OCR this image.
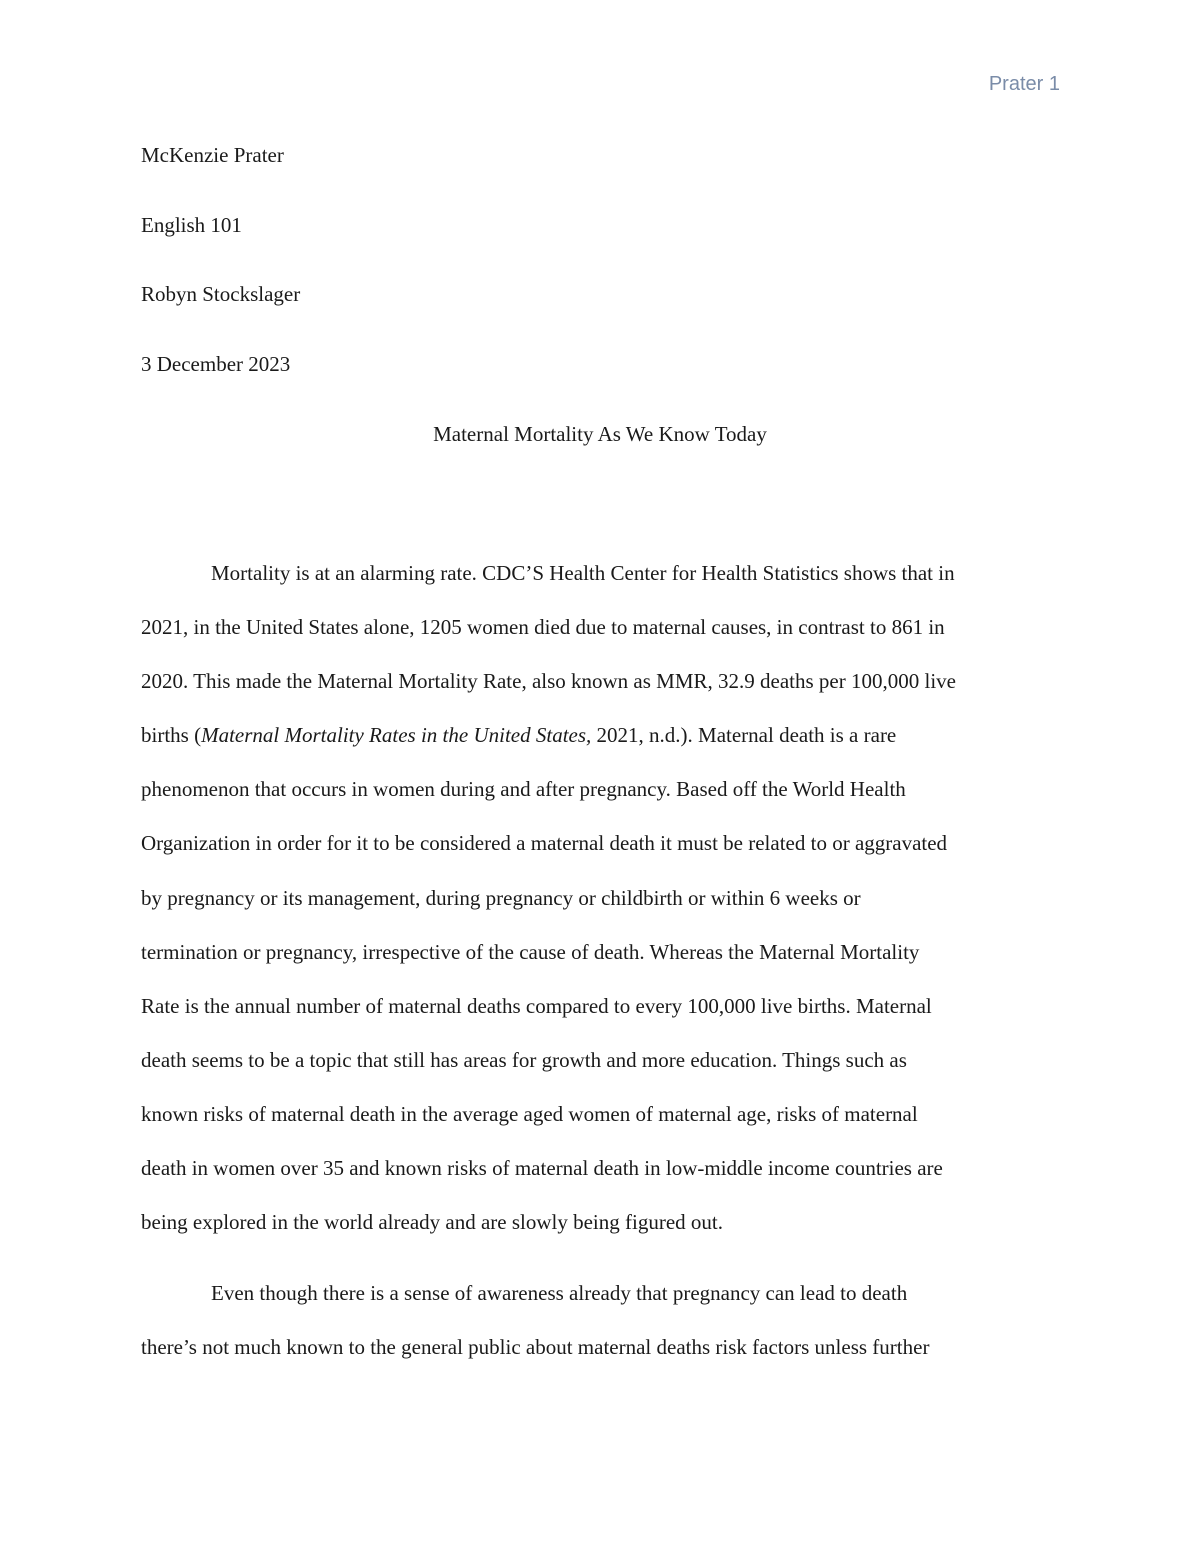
Prater 1
McKenzie Prater
English 101
Robyn Stockslager
3 December 2023
Maternal Mortality As We Know Today
Mortality is at an alarming rate. CDC’S Health Center for Health Statistics shows that in
2021, in the United States alone, 1205 women died due to maternal causes, in contrast to 861 in
2020. This made the Maternal Mortality Rate, also known as MMR, 32.9 deaths per 100,000 live
births (Maternal Mortality Rates in the United States, 2021, n.d.). Maternal death is a rare
phenomenon that occurs in women during and after pregnancy. Based off the World Health
Organization in order for it to be considered a maternal death it must be related to or aggravated
by pregnancy or its management, during pregnancy or childbirth or within 6 weeks or
termination or pregnancy, irrespective of the cause of death. Whereas the Maternal Mortality
Rate is the annual number of maternal deaths compared to every 100,000 live births. Maternal
death seems to be a topic that still has areas for growth and more education. Things such as
known risks of maternal death in the average aged women of maternal age, risks of maternal
death in women over 35 and known risks of maternal death in low-middle income countries are
being explored in the world already and are slowly being figured out.
Even though there is a sense of awareness already that pregnancy can lead to death
there’s not much known to the general public about maternal deaths risk factors unless further
